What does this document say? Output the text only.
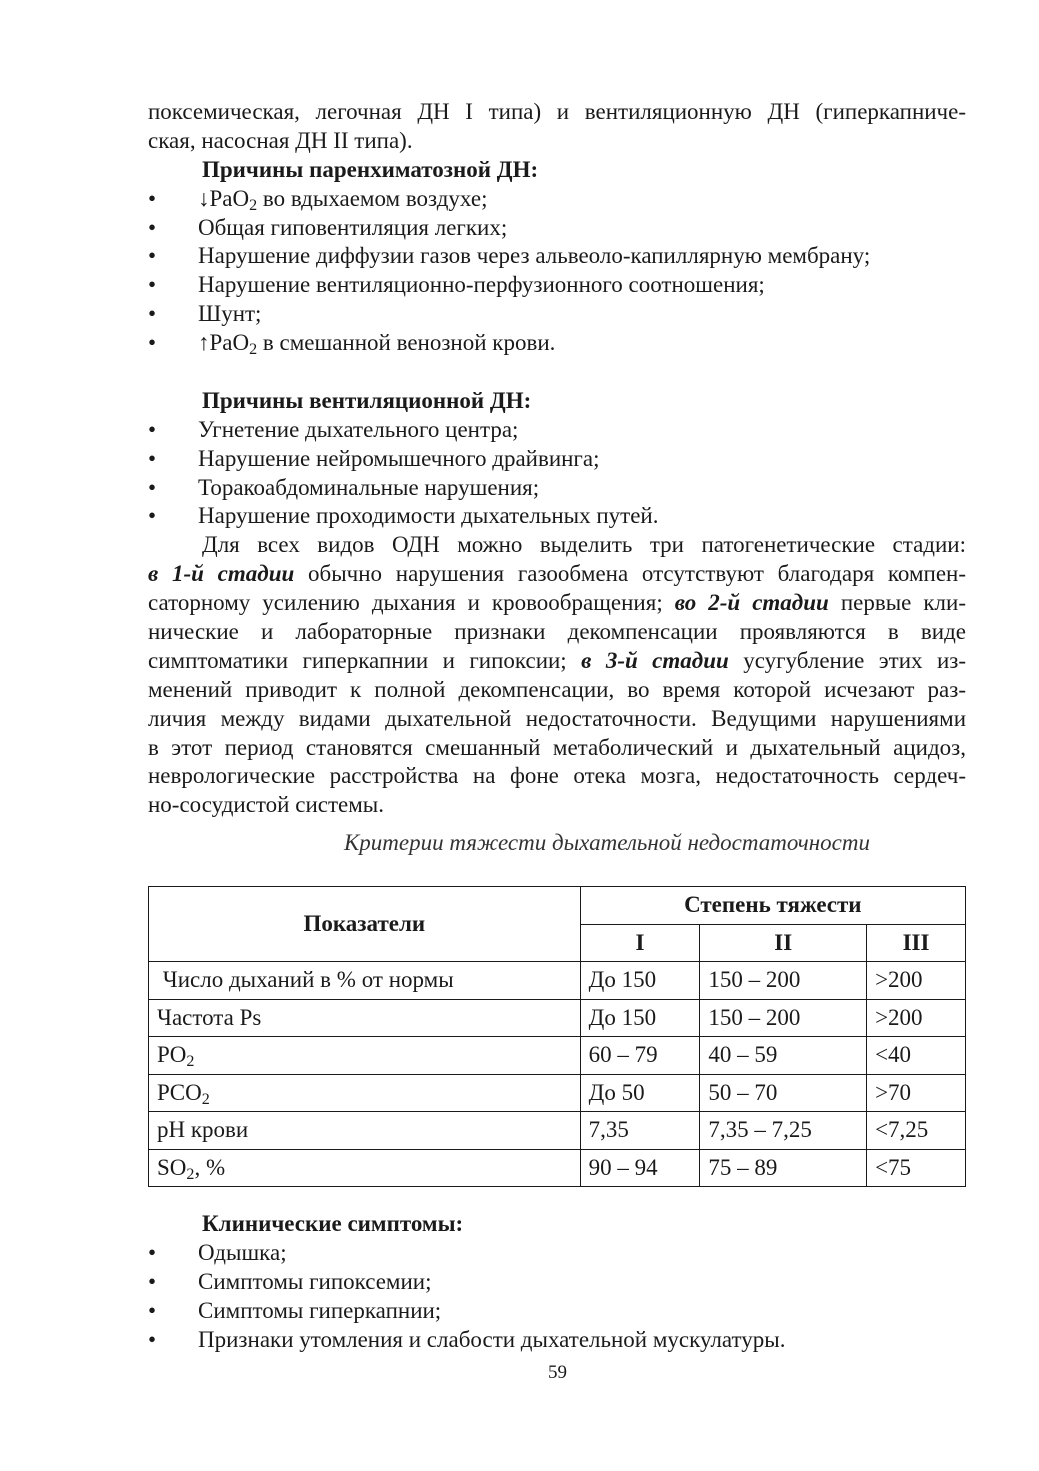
поксемическая, легочная ДН I типа) и вентиляционную ДН (гиперкапниче-
ская, насосная ДН II типа).
Причины паренхиматозной ДН:
•	↓PaO$_2$ во вдыхаемом воздухе;
•	Общая гиповентиляция легких;
•	Нарушение диффузии газов через альвеоло-капиллярную мембрану;
•	Нарушение вентиляционно-перфузионного соотношения;
•	Шунт;
•	↑PaO$_2$ в смешанной венозной крови.
Причины вентиляционной ДН:
•	Угнетение дыхательного центра;
•	Нарушение нейромышечного драйвинга;
•	Торакоабдоминальные нарушения;
•	Нарушение проходимости дыхательных путей.
Для всех видов ОДН можно выделить три патогенетические стадии:
в 1-й стадии обычно нарушения газообмена отсутствуют благодаря компен-
саторному усилению дыхания и кровообращения; во 2-й стадии первые кли-
нические и лабораторные признаки декомпенсации проявляются в виде
симптоматики гиперкапнии и гипоксии; в 3-й стадии усугубление этих из-
менений приводит к полной декомпенсации, во время которой исчезают раз-
личия между видами дыхательной недостаточности. Ведущими нарушениями
в этот период становятся смешанный метаболический и дыхательный ацидоз,
неврологические расстройства на фоне отека мозга, недостаточность сердеч-
но-сосудистой системы.
Критерии тяжести дыхательной недостаточности
Показатели	Степень тяжести		
	I	II	III
Число дыханий в % от нормы	До 150	150 – 200	>200
Частота Ps	До 150	150 – 200	>200
$PO_2$	60 – 79	40 – 59	<40
$PCO_2$	До 50	50 – 70	>70
pH крови	7,35	7,35 – 7,25	<7,25
$SO_2$, %	90 – 94	75 – 89	<75
Клинические симптомы:
•	Одышка;
•	Симптомы гипоксемии;
•	Симптомы гиперкапнии;
•	Признаки утомления и слабости дыхательной мускулатуры.
59
